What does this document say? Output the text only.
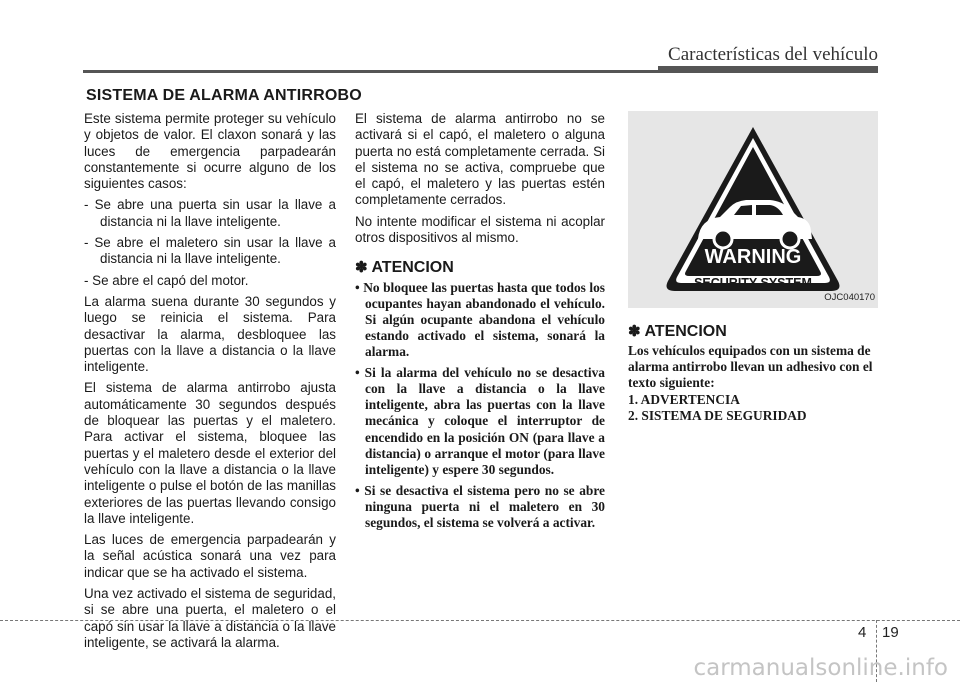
Características del vehículo
SISTEMA DE ALARMA ANTIRROBO

Este sistema permite proteger su vehículo y objetos de valor. El claxon sonará y las luces de emergencia parpadearán constantemente si ocurre alguno de los siguientes casos:

- Se abre una puerta sin usar la llave a distancia ni la llave inteligente.

- Se abre el maletero sin usar la llave a distancia ni la llave inteligente.

- Se abre el capó del motor.

La alarma suena durante 30 segundos y luego se reinicia el sistema. Para desactivar la alarma, desbloquee las puertas con la llave a distancia o la llave inteligente.

El sistema de alarma antirrobo ajusta automáticamente 30 segundos después de bloquear las puertas y el maletero. Para activar el sistema, bloquee las puertas y el maletero desde el exterior del vehículo con la llave a distancia o la llave inteligente o pulse el botón de las manillas exteriores de las puertas llevando consigo la llave inteligente.

Las luces de emergencia parpadearán y la señal acústica sonará una vez para indicar que se ha activado el sistema.

Una vez activado el sistema de seguridad, si se abre una puerta, el maletero o el capó sin usar la llave a distancia o la llave inteligente, se activará la alarma.

El sistema de alarma antirrobo no se activará si el capó, el maletero o alguna puerta no está completamente cerrada. Si el sistema no se activa, compruebe que el capó, el maletero y las puertas estén completamente cerrados.

No intente modificar el sistema ni acoplar otros dispositivos al mismo.

✽ ATENCION

• No bloquee las puertas hasta que todos los ocupantes hayan abandonado el vehículo. Si algún ocupante abandona el vehículo estando activado el sistema, sonará la alarma.

• Si la alarma del vehículo no se desactiva con la llave a distancia o la llave inteligente, abra las puertas con la llave mecánica y coloque el interruptor de encendido en la posición ON (para llave a distancia) o arranque el motor (para llave inteligente) y espere 30 segundos.

• Si se desactiva el sistema pero no se abre ninguna puerta ni el maletero en 30 segundos, el sistema se volverá a activar.

WARNING
SECURITY SYSTEM
OJC040170
✽ ATENCION
Los vehículos equipados con un sistema de alarma antirrobo llevan un adhesivo con el texto siguiente:
1. ADVERTENCIA
2. SISTEMA DE SEGURIDAD
4 19
carmanualsonline.info
